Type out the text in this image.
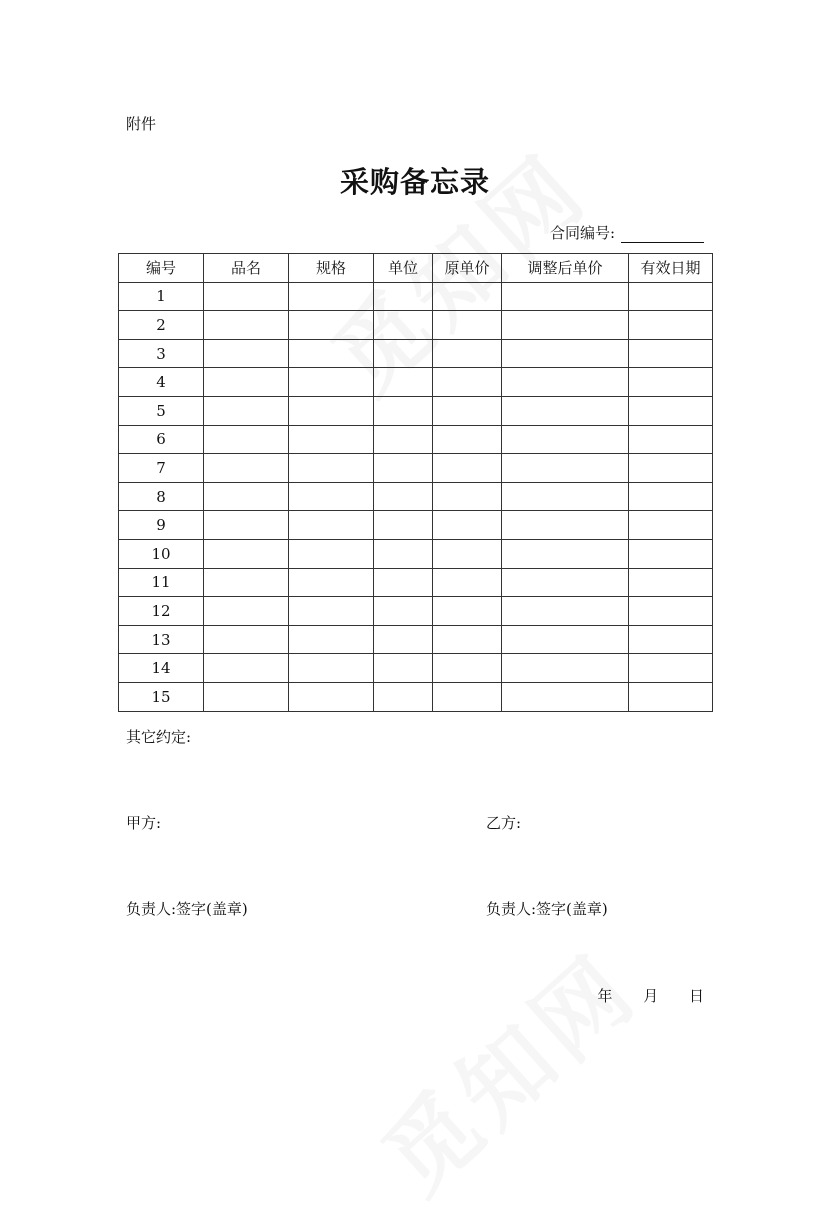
附件
采购备忘录
合同编号:
编号	品名	规格	单位	原单价	调整后单价	有效日期
1						
2						
3						
4						
5						
6						
7						
8						
9						
10						
11						
12						
13						
14						
15						
其它约定:
甲方:	乙方:
负责人:签字(盖章)	负责人:签字(盖章)
年 月 日
